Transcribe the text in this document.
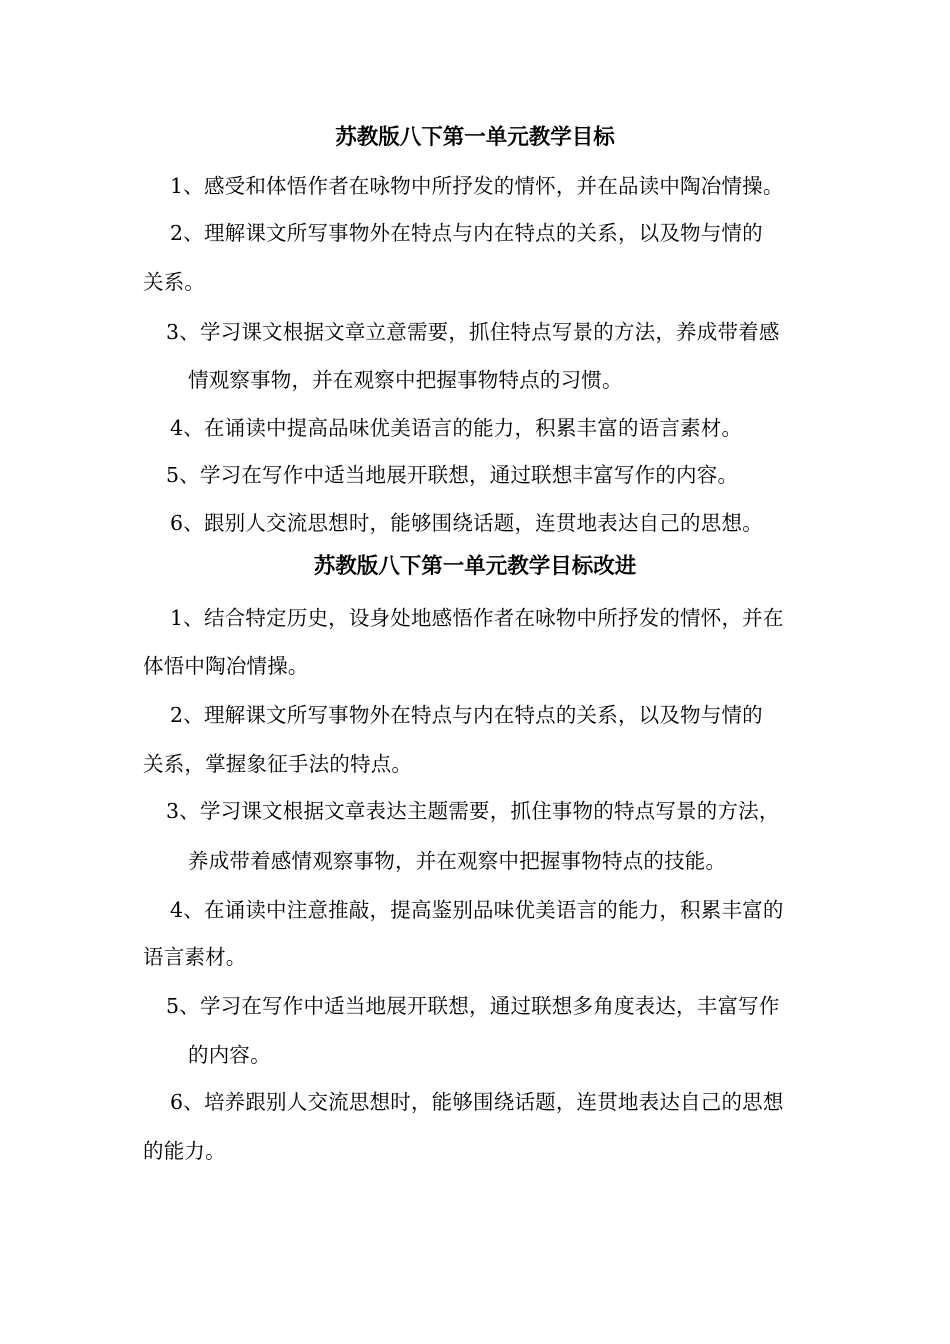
苏教版八下第一单元教学目标
1、感受和体悟作者在咏物中所抒发的情怀，并在品读中陶冶情操。
2、理解课文所写事物外在特点与内在特点的关系，以及物与情的
关系。
3、学习课文根据文章立意需要，抓住特点写景的方法，养成带着感
情观察事物，并在观察中把握事物特点的习惯。
4、在诵读中提高品味优美语言的能力，积累丰富的语言素材。
5、学习在写作中适当地展开联想，通过联想丰富写作的内容。
6、跟别人交流思想时，能够围绕话题，连贯地表达自己的思想。
苏教版八下第一单元教学目标改进
1、结合特定历史，设身处地感悟作者在咏物中所抒发的情怀，并在
体悟中陶冶情操。
2、理解课文所写事物外在特点与内在特点的关系，以及物与情的
关系，掌握象征手法的特点。
3、学习课文根据文章表达主题需要，抓住事物的特点写景的方法，
养成带着感情观察事物，并在观察中把握事物特点的技能。
4、在诵读中注意推敲，提高鉴别品味优美语言的能力，积累丰富的
语言素材。
5、学习在写作中适当地展开联想，通过联想多角度表达，丰富写作
的内容。
6、培养跟别人交流思想时，能够围绕话题，连贯地表达自己的思想
的能力。
